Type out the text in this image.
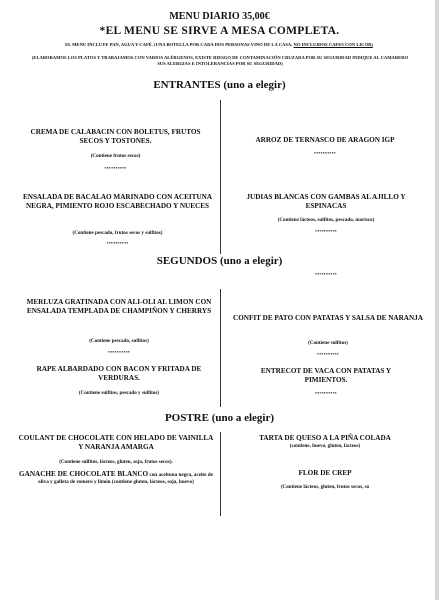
MENU DIARIO 35,00€
*EL MENU SE SIRVE A MESA COMPLETA.
EL MENU INCLUYE PAN, AGUA Y CAFÉ. (UNA BOTELLA POR CADA DOS PERSONAS VINO DE LA CASA. NO INCLUIDOS CAFES CON LICOR)
(ELABORAMOS LOS PLATOS Y TRABAJAMOS CON VARIOS ALÉRGENOS, EXISTE RIESGO DE CONTAMINACIÓN CRUZADA POR SU SEGURIDAD INDIQUE AL CAMARERO SUS ALERGIAS E INTOLERANCIAS POR SU SEGURIDAD)
ENTRANTES (uno a elegir)
CREMA DE CALABACIN CON BOLETUS, FRUTOS SECOS Y TOSTONES.
(Contiene frutos secos)
**********
ARROZ DE TERNASCO DE ARAGON IGP
**********
ENSALADA DE BACALAO MARINADO CON ACEITUNA NEGRA, PIMIENTO ROJO ESCABECHADO Y NUECES
(Contiene pescado, frutos secos y sulfitos)
**********
JUDIAS BLANCAS CON GAMBAS AL AJILLO Y ESPINACAS
(Contiene lácteos, sulfitos, pescado, marisco)
**********
SEGUNDOS (uno a elegir)
**********
MERLUZA GRATINADA CON ALI-OLI AL LIMON CON ENSALADA TEMPLADA DE CHAMPIÑON Y CHERRYS
(Contiene pescado, sulfitos)
**********
CONFIT DE PATO CON PATATAS Y SALSA DE NARANJA
(Contiene sulfitos)
**********
RAPE ALBARDADO CON BACON Y FRITADA DE VERDURAS.
(Contiene sulfitos, pescado y sulfitos)
ENTRECOT DE VACA CON PATATAS Y PIMIENTOS.
**********
POSTRE (uno a elegir)
COULANT DE CHOCOLATE CON HELADO DE VAINILLA Y NARANJA AMARGA
(Contiene sulfitos, lácteos, gluten, soja, frutos secos).
TARTA DE QUESO A LA PIÑA COLADA
(contiene, huevo, gluten, lácteos)
GANACHE DE CHOCOLATE BLANCO con aceituna negra, aceite de oliva y galleta de romero y limón (contiene gluten, lácteos, soja, huevo)
FLOR DE CREP
(Contiene lácteos, gluten, frutos secos, so
